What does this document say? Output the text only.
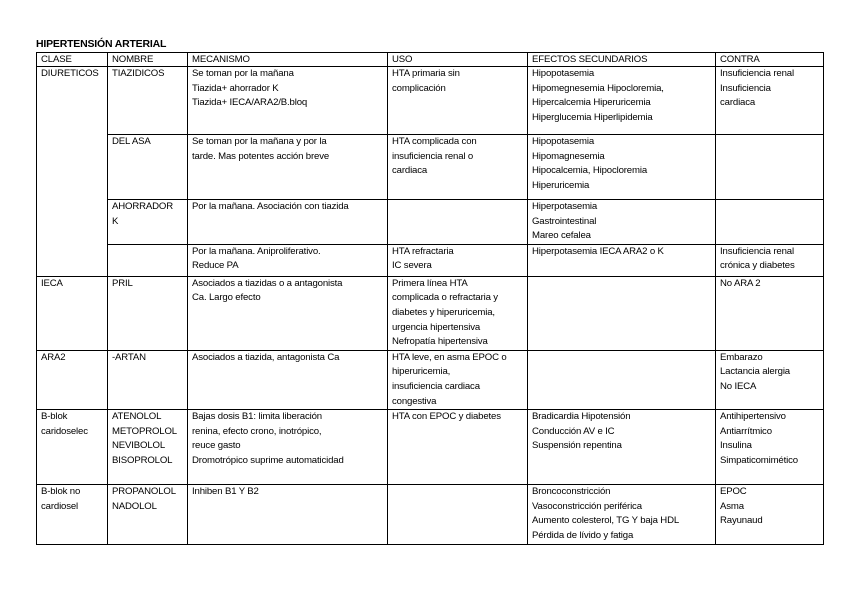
HIPERTENSIÓN ARTERIAL
CLASE	NOMBRE	MECANISMO	USO	EFECTOS SECUNDARIOS	CONTRA

DIURETICOS	TIAZIDICOS	Se toman por la mañana
Tiazida+ ahorrador K
Tiazida+ IECA/ARA2/B.bloq	HTA primaria sin
complicación	Hipopotasemia
Hipomegnesemia Hipocloremia,
Hipercalcemia Hiperuricemia
Hiperglucemia Hiperlipidemia	Insuficiencia renal
Insuficiencia
cardiaca

	DEL ASA	Se toman por la mañana y por la
tarde. Mas potentes acción breve	HTA complicada con
insuficiencia renal o
cardiaca	Hipopotasemia
Hipomagnesemia
Hipocalcemia, Hipocloremia
Hiperuricemia	

	AHORRADOR
K	Por la mañana. Asociación con tiazida		Hiperpotasemia
Gastrointestinal
Mareo cefalea	

		Por la mañana. Aniproliferativo.
Reduce PA	HTA refractaria
IC severa	Hiperpotasemia IECA ARA2 o K	Insuficiencia renal
crónica y diabetes

IECA	PRIL	Asociados a tiazidas o a antagonista
Ca. Largo efecto	Primera línea HTA
complicada o refractaria y
diabetes y hiperuricemia,
urgencia hipertensiva
Nefropatía hipertensiva		No ARA 2

ARA2	-ARTAN	Asociados a tiazida, antagonista Ca	HTA leve, en asma EPOC o
hiperuricemia,
insuficiencia cardiaca
congestiva		Embarazo
Lactancia alergia
No IECA

B-blok
caridoselec	ATENOLOL
METOPROLOL
NEVIBOLOL
BISOPROLOL	Bajas dosis B1: limita liberación
renina, efecto crono, inotrópico,
reuce gasto
Dromotrópico suprime automaticidad	HTA con EPOC y diabetes	Bradicardia Hipotensión
Conducción AV e IC
Suspensión repentina	Antihipertensivo
Antiarrítmico
Insulina
Simpaticomimético

B-blok no
cardiosel	PROPANOLOL
NADOLOL	Inhiben B1 Y B2		Broncoconstricción
Vasoconstricción periférica
Aumento colesterol, TG Y baja HDL
Pérdida de lívido y fatiga	EPOC
Asma
Rayunaud
